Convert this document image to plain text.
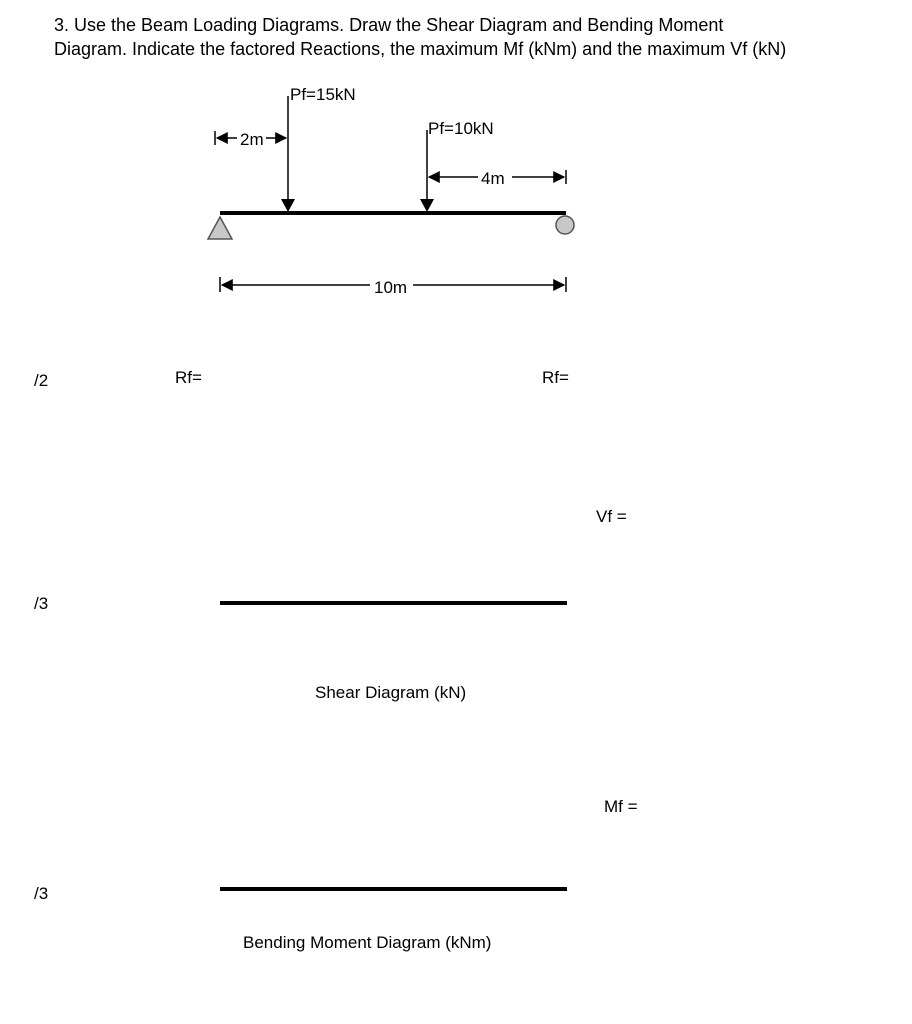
3. Use the Beam Loading Diagrams. Draw the Shear Diagram and Bending Moment
Diagram. Indicate the factored Reactions, the maximum Mf (kNm) and the maximum Vf (kN)
Pf=15kN
Pf=10kN
2m
4m
10m
/2	Rf=	Rf=
Vf =
/3
Shear Diagram (kN)
Mf =
/3
Bending Moment Diagram (kNm)
